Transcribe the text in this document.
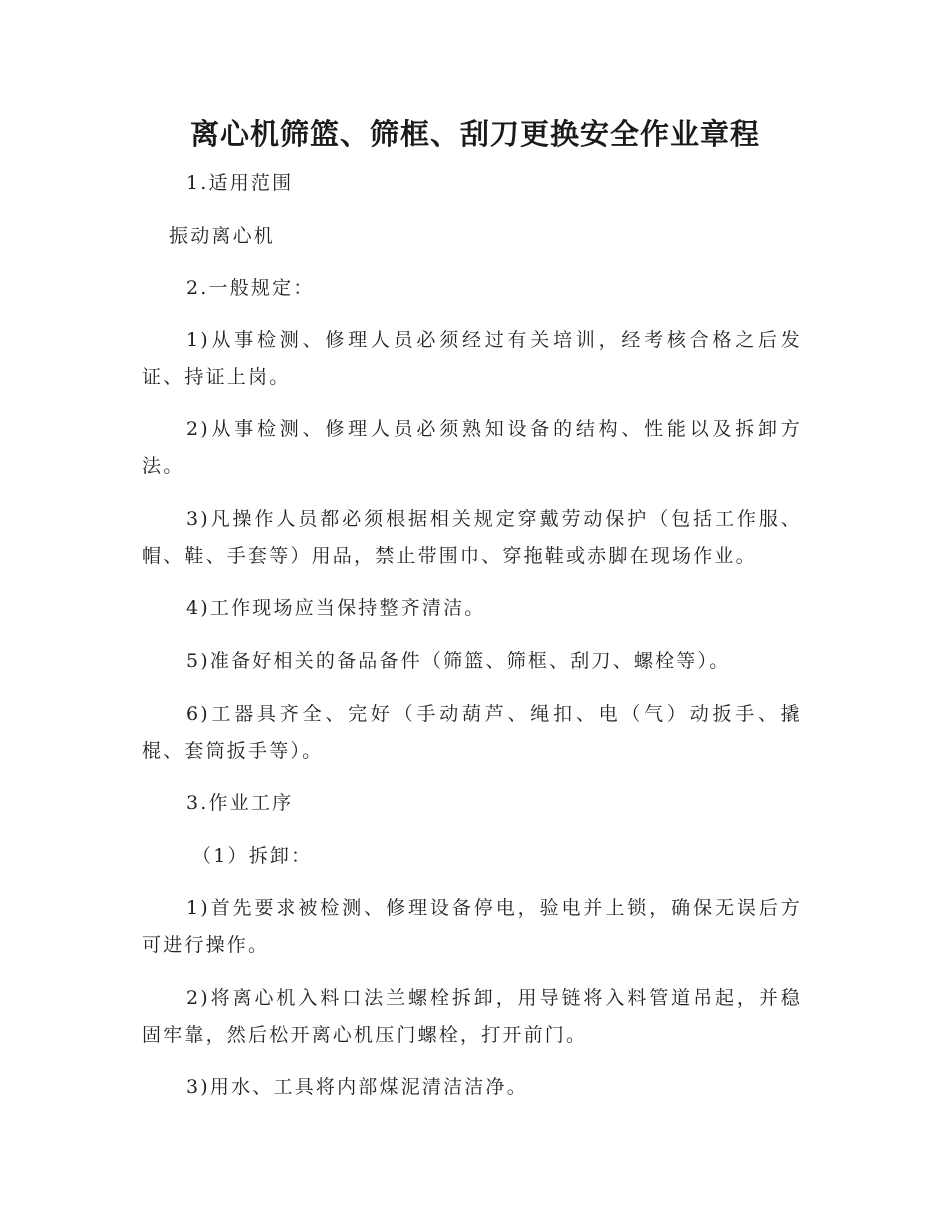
离心机筛篮、筛框、刮刀更换安全作业章程

1.适用范围

振动离心机

2.一般规定：

1)从事检测、修理人员必须经过有关培训，经考核合格之后发证、持证上岗。

2)从事检测、修理人员必须熟知设备的结构、性能以及拆卸方法。

3)凡操作人员都必须根据相关规定穿戴劳动保护（包括工作服、帽、鞋、手套等）用品，禁止带围巾、穿拖鞋或赤脚在现场作业。

4)工作现场应当保持整齐清洁。

5)准备好相关的备品备件（筛篮、筛框、刮刀、螺栓等）。

6)工器具齐全、完好（手动葫芦、绳扣、电（气）动扳手、撬棍、套筒扳手等）。

3.作业工序

（1）拆卸：

1)首先要求被检测、修理设备停电，验电并上锁，确保无误后方可进行操作。

2)将离心机入料口法兰螺栓拆卸，用导链将入料管道吊起，并稳固牢靠，然后松开离心机压门螺栓，打开前门。

3)用水、工具将内部煤泥清洁洁净。
